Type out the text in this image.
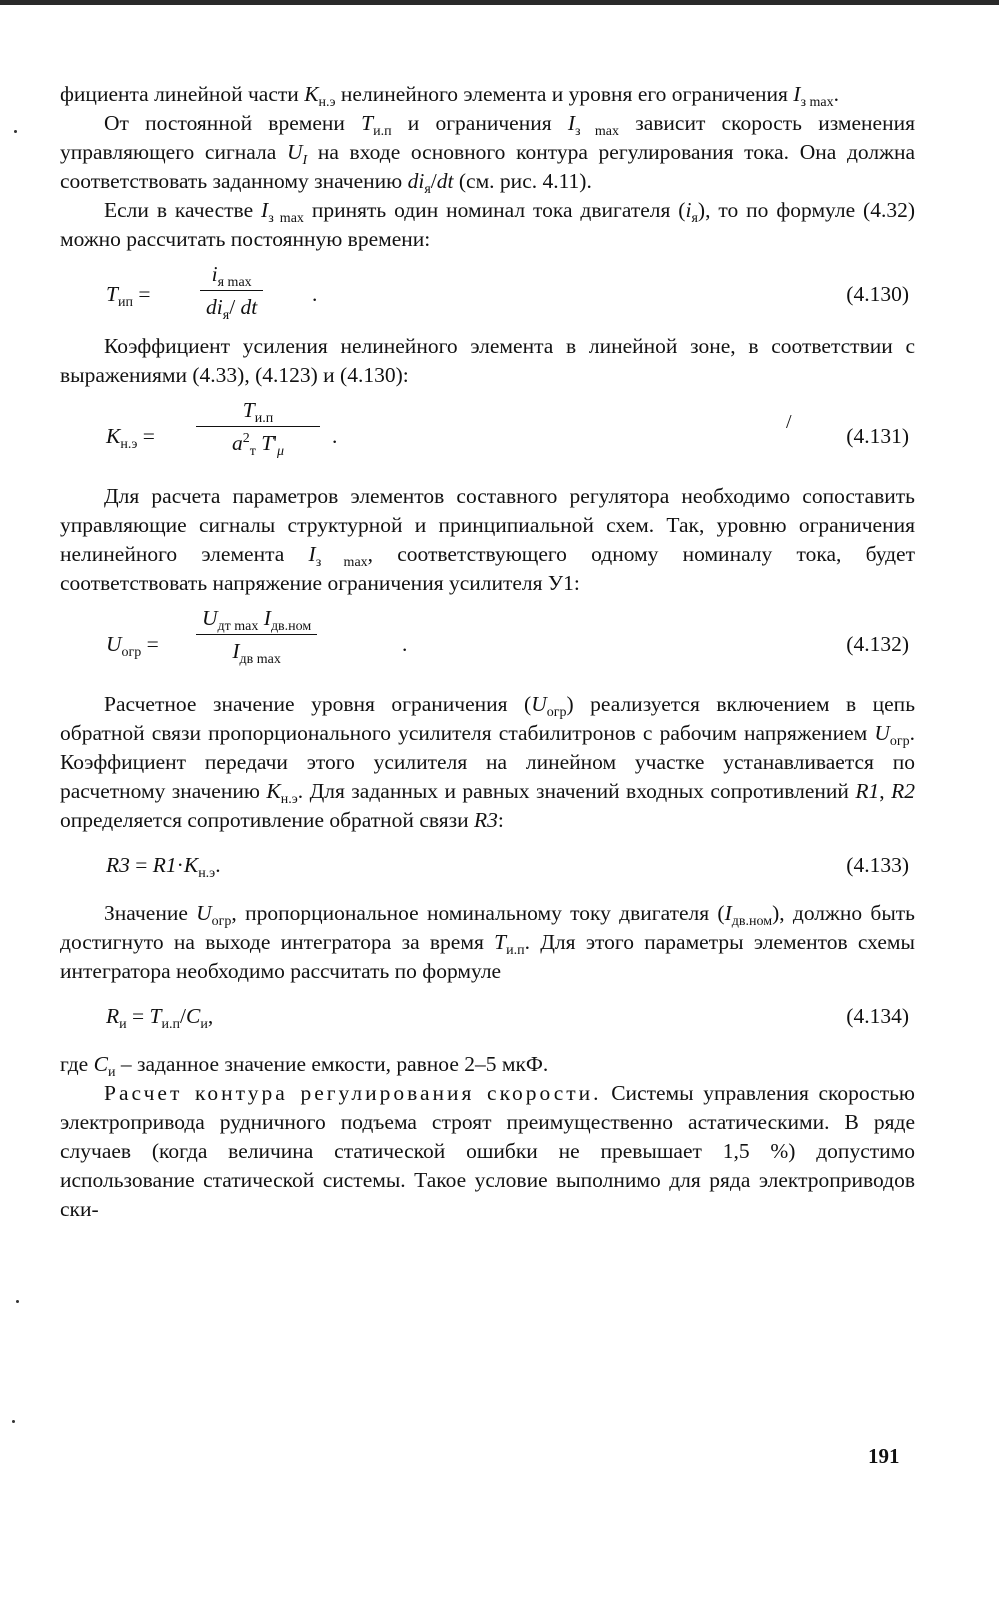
фициента линейной части $K_{н.э}$ нелинейного элемента и уровня его ограничения $I_{з max}$.

От постоянной времени $T_{и.п}$ и ограничения $I_{з max}$ зависит скорость изменения управляющего сигнала $U_I$ на входе основного контура регулирования тока. Она должна соответствовать заданному значению $di_я/dt$ (см. рис. 4.11).

Если в качестве $I_{з max}$ принять один номинал тока двигателя $(i_я)$, то по формуле (4.32) можно рассчитать постоянную времени:

$T_{ип}$ =
$i_{я max}$
$di_я/$ dt
.	(4.130)

Коэффициент усиления нелинейного элемента в линейной зоне, в соответствии с выражениями (4.33), (4.123) и (4.130):

$K_{н.э}$ =
$T_{и.п}$
$a^2_т$ $T'_\mu$
.
/
(4.131)

Для расчета параметров элементов составного регулятора необходимо сопоставить управляющие сигналы структурной и принципиальной схем. Так, уровню ограничения нелинейного элемента $I_{з max}$, соответствующего одному номиналу тока, будет соответствовать напряжение ограничения усилителя У1:

$U_{огр}$ =
$U_{дт max}$ $I_{дв.ном}$
$I_{дв max}$
.	(4.132)

Расчетное значение уровня ограничения $(U_{огр})$ реализуется включением в цепь обратной связи пропорционального усилителя стабилитронов с рабочим напряжением $U_{огр}$. Коэффициент передачи этого усилителя на линейном участке устанавливается по расчетному значению $K_{н.э}$. Для заданных и равных значений входных сопротивлений R1, R2 определяется сопротивление обратной связи R3:

$R3 = R1\cdot K_{н.э}$.	(4.133)

Значение $U_{огр}$, пропорциональное номинальному току двигателя $(I_{дв.ном})$, должно быть достигнуто на выходе интегратора за время $T_{и.п}$. Для этого параметры элементов схемы интегратора необходимо рассчитать по формуле

$R_и = T_{и.п}/C_и$,	(4.134)

где $C_и$ – заданное значение емкости, равное 2–5 мкФ.

Расчет контура регулирования скорости. Системы управления скоростью электропривода рудничного подъема строят преимущественно астатическими. В ряде случаев (когда величина статической ошибки не превышает 1,5 %) допустимо использование статической системы. Такое условие выполнимо для ряда электроприводов ски-

191
